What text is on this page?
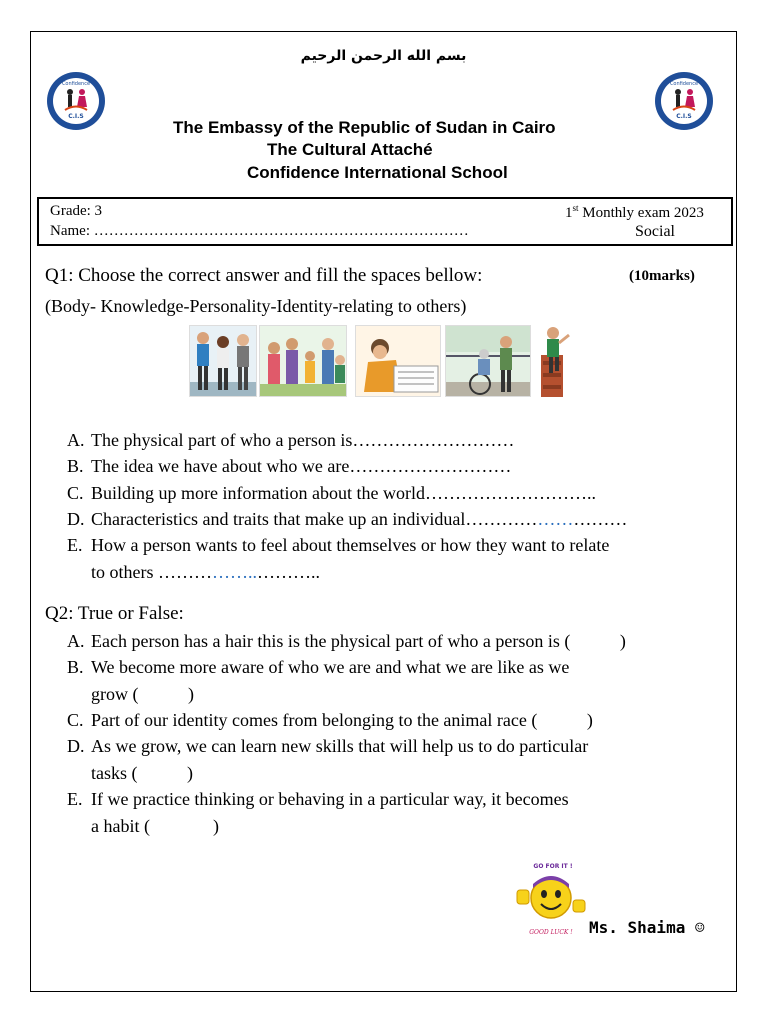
بسم الله الرحمن الرحيم
Confidence
C.I.S
Confidence
C.I.S
The Embassy of the Republic of Sudan in Cairo
The Cultural Attaché
Confidence International School
Grade: 3
Name: …………………………………………………………………
1st Monthly exam 2023
Social
Q1: Choose the correct answer and fill the spaces bellow:	(10marks)
(Body- Knowledge-Personality-Identity-relating to others)
A. The physical part of who a person is………………………
B. The idea we have about who we are………………………
C. Building up more information about the world………………………..
D. Characteristics and traits that make up an individual………………………
E. How a person wants to feel about themselves or how they want to relate
to others ……………..………..
Q2: True or False:
A. Each person has a hair this is the physical part of who a person is (           )
B. We become more aware of who we are and what we are like as we
grow (           )
C. Part of our identity comes from belonging to the animal race (           )
D. As we grow, we can learn new skills that will help us to do particular
tasks (           )
E. If we practice thinking or behaving in a particular way, it becomes
a habit (              )
GO FOR IT !
GOOD LUCK ! Ms. Shaima ☺
